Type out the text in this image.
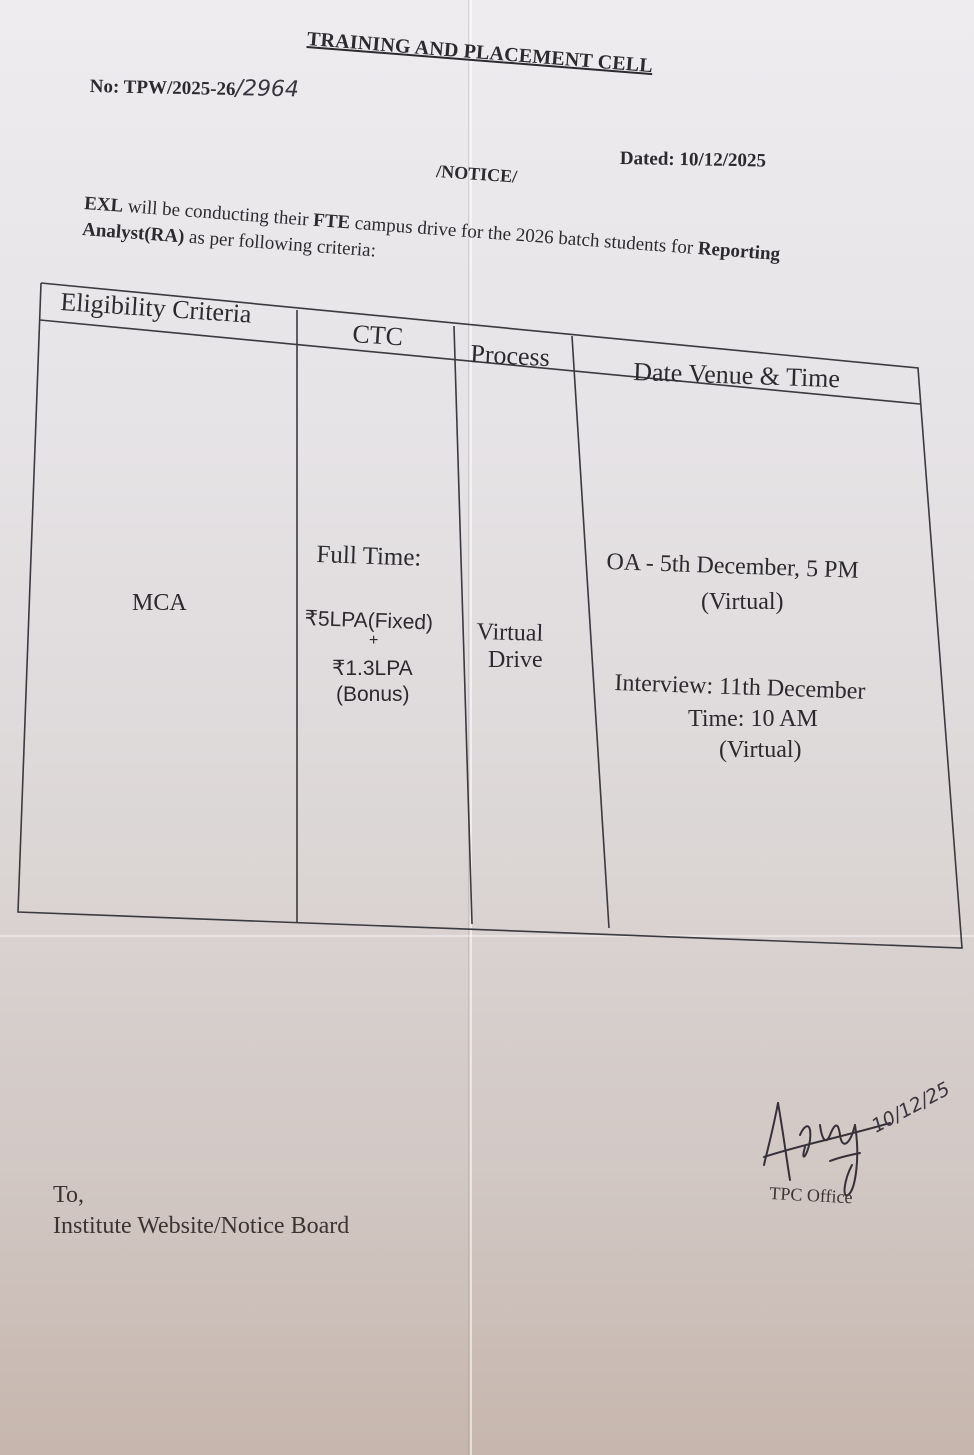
TRAINING AND PLACEMENT CELL
No: TPW/2025-26/2964
Dated: 10/12/2025
/NOTICE/
EXL will be conducting their FTE campus drive for the 2026 batch students for Reporting
Analyst(RA) as per following criteria:
Eligibility Criteria
CTC
Process
Date Venue & Time
MCA
Full Time:
₹5LPA(Fixed)
+
₹1.3LPA
(Bonus)
Virtual
Drive
OA - 5th December, 5 PM
(Virtual)
Interview: 11th December
Time: 10 AM
(Virtual)
To,
Institute Website/Notice Board
10/12/25
TPC Office
